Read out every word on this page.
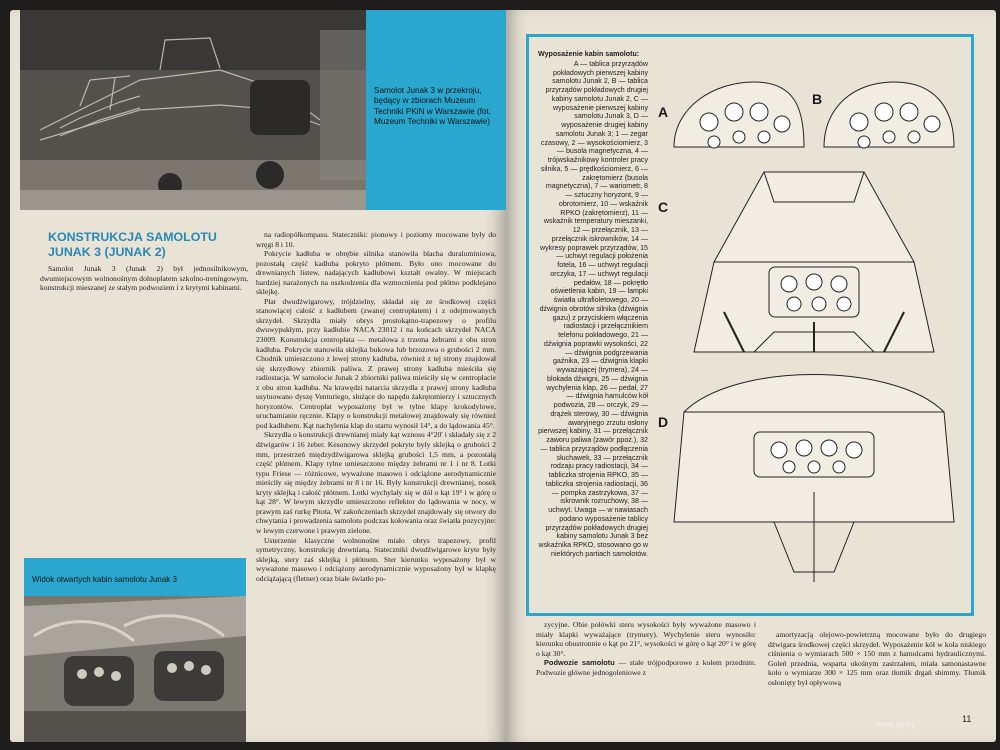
Samolot Junak 3 w przekroju, będący w zbiorach Muzeum Techniki PKiN w Warszawie (fot. Muzeum Techniki w Warszawie)

KONSTRUKCJA SAMOLOTU JUNAK 3 (JUNAK 2)

Samolot Junak 3 (Junak 2) był jednosilnikowym, dwumiejscowym wolnonośnym dolnopłatem szkolno-treningowym, konstrukcji mieszanej ze stałym podwoziem i z krytymi kabinami.

na radiopółkompasu. Stateczniki: pionowy i poziomy mocowane były do wręgi 8 i 10.

Pokrycie kadłuba w obrębie silnika stanowiła blacha duraluminiowa, pozostałą część kadłuba pokryto płótnem. Było ono mocowane do drewnianych listew, nadających kadłubowi kształt owalny. W miejscach bardziej narażonych na uszkodzenia dla wzmocnienia pod płótno podklejano sklejkę.

Płat dwudźwigarowy, trójdzielny, składał się ze środkowej części stanowiącej całość z kadłubem (zwanej centropłatem) i z odejmowanych skrzydeł. Skrzydła miały obrys prostokątno-trapezowy o profilu dwuwypukłym, przy kadłubie NACA 23012 i na końcach skrzydeł NACA 23009. Konstrukcja centropłata — metalowa z trzema żebrami z obu stron kadłuba. Pokrycie stanowiła sklejka bukowa lub brzozowa o grubości 2 mm. Chodnik umieszczono z lewej strony kadłuba, również z tej strony znajdował się skrzydłowy zbiornik paliwa. Z prawej strony kadłuba mieściła się radiostacja. W samolocie Junak 2 zbiorniki paliwa mieściły się w centropłacie z obu stron kadłuba. Na krawędzi natarcia skrzydła z prawej strony kadłuba usytuowano dyszę Venturiego, służące do napędu żakrętomierzy i sztucznych horyzontów. Centropłat wyposażony był w tylne klapy krokodylowe, uruchamianie ręcznie. Klapy o konstrukcji metalowej znajdowały się również pod kadłubem. Kąt nachylenia klap do startu wynosił 14°, a do lądowania 45°.

Skrzydła o konstrukcji drewnianej miały kąt wznosu 4°20' i składały się z 2 dźwigarów i 16 żeber. Kesonowy skrzydeł pokryte były sklejką o grubości 2 mm, przestrzeń międzydźwigarowa sklejką grubości 1,5 mm, a pozostałą część płótnem. Klapy tylne umieszczono między żebrami nr 1 i nr 8. Lotki typu Friese — różnicowe, wyważone masowo i odciążone aerodynamicznie mieściły się między żebrami nr 8 i nr 16. Były konstrukcji drewnianej, nosek kryty sklejką i całość płótnem. Lotki wychylały się w dół o kąt 19° i w górę o kąt 28°. W lewym skrzydle umieszczono reflektor do lądowania w nocy, w prawym zaś rurkę Pitota. W zakończeniach skrzydeł znajdowały się otwory do chwytania i prowadzenia samolotu podczas kołowania oraz światła pozycyjne: w lewym czerwone i prawym zielone.

Usterzenie klasyczne wolnonośne miało obrys trapezowy, profil symetryczny, konstrukcję drewnianą. Stateczniki dwudźwigarowe kryte były sklejką, stery zaś sklejką i płótnem. Ster kierunku wyposażony był w wyważone masowo i odciążony aerodynamicznie wyposażony był w klapkę odciążającą (fletner) oraz białe światło po-

Widok otwartych kabin samolotu Junak 3

Wyposażenie kabin samolotu:
A — tablica przyrządów pokładowych pierwszej kabiny samolotu Junak 2, B — tablica przyrządów pokładowych drugiej kabiny samolotu Junak 2, C — wyposażenie pierwszej kabiny samolotu Junak 3, D — wyposażenie drugiej kabiny samolotu Junak 3; 1 — zegar czasowy, 2 — wysokościomierz, 3 — busola magnetyczna, 4 — trójwskaźnikowy kontroler pracy silnika, 5 — prędkościomierz, 6 — zakrętomierz (busola magnetyczna), 7 — wariometr, 8 — sztuczny horyzont, 9 — obrotomierz, 10 — wskaźnik RPKO (zakrętomierz), 11 — wskaźnik temperatury mieszanki, 12 — przełącznik, 13 — przełącznik iskrowników, 14 — wykresy poprawek przyrządów, 15 — uchwyt regulacji położenia fotela, 16 — uchwyt regulacji orczyka, 17 — uchwyt regulacji pedałów, 18 — pokrętło oświetlenia kabin, 19 — lampki światła ultrafioletowego, 20 — dźwignia obrotów silnika (dźwignia gazu) z przyciskiem włączenia radiostacji i przełącznikiem telefonu pokładowego, 21 — dźwignia poprawki wysokości, 22 — dźwignia podgrzewania gaźnika, 23 — dźwignia klapki wyważającej (trymera), 24 — blokada dźwigni, 25 — dźwignia wychylenia klap, 26 — pedał, 27 — dźwignia hamulców kół podwozia, 28 — orczyk, 29 — drążek sterowy, 30 — dźwignia awaryjnego zrzutu osłony pierwszej kabiny, 31 — przełącznik zaworu paliwa (zawór ppoż.), 32 — tablica przyrządów podłączenia słuchawek, 33 — przełącznik rodzaju pracy radiostacji, 34 — tabliczka strojenia RPKO, 35 — tabliczka strojenia radiostacji, 36 — pompka zastrzykowa, 37 — iskrownik rozruchowy, 38 — uchwyt. Uwaga — w nawiasach podano wyposażenie tablicy przyrządów pokładowych drugiej kabiny samolotu Junak 3 bez wskaźnika RPKO, stosowano go w niektórych partiach samolotów.
A
B
C
D

zycyjne. Obie połówki steru wysokości były wyważone masowo i miały klapki wyważające (trymery). Wychylenie steru wynosiło: kierunku obustronnie o kąt po 21°, wysokości w górę o kąt 20° i w górę o kąt 30°.

Podwozie samolotu — stałe trójpodporowe z kołem przednim. Podwozie główne jednogoleniowe z

amortyzacją olejowo-powietrzną mocowane było do drugiego dźwigara środkowej części skrzydeł. Wyposażenie kół w koła niskiego ciśnienia o wymiarach 500 × 150 mm z hamulcami hydraulicznymi. Goleń przednia, wsparta ukośnym zastrzałem, miała samonastawne koło o wymiarze 300 × 125 mm oraz tłumik drgań shimmy. Tłumik osłonięty był opływową

11
www.ay.by
